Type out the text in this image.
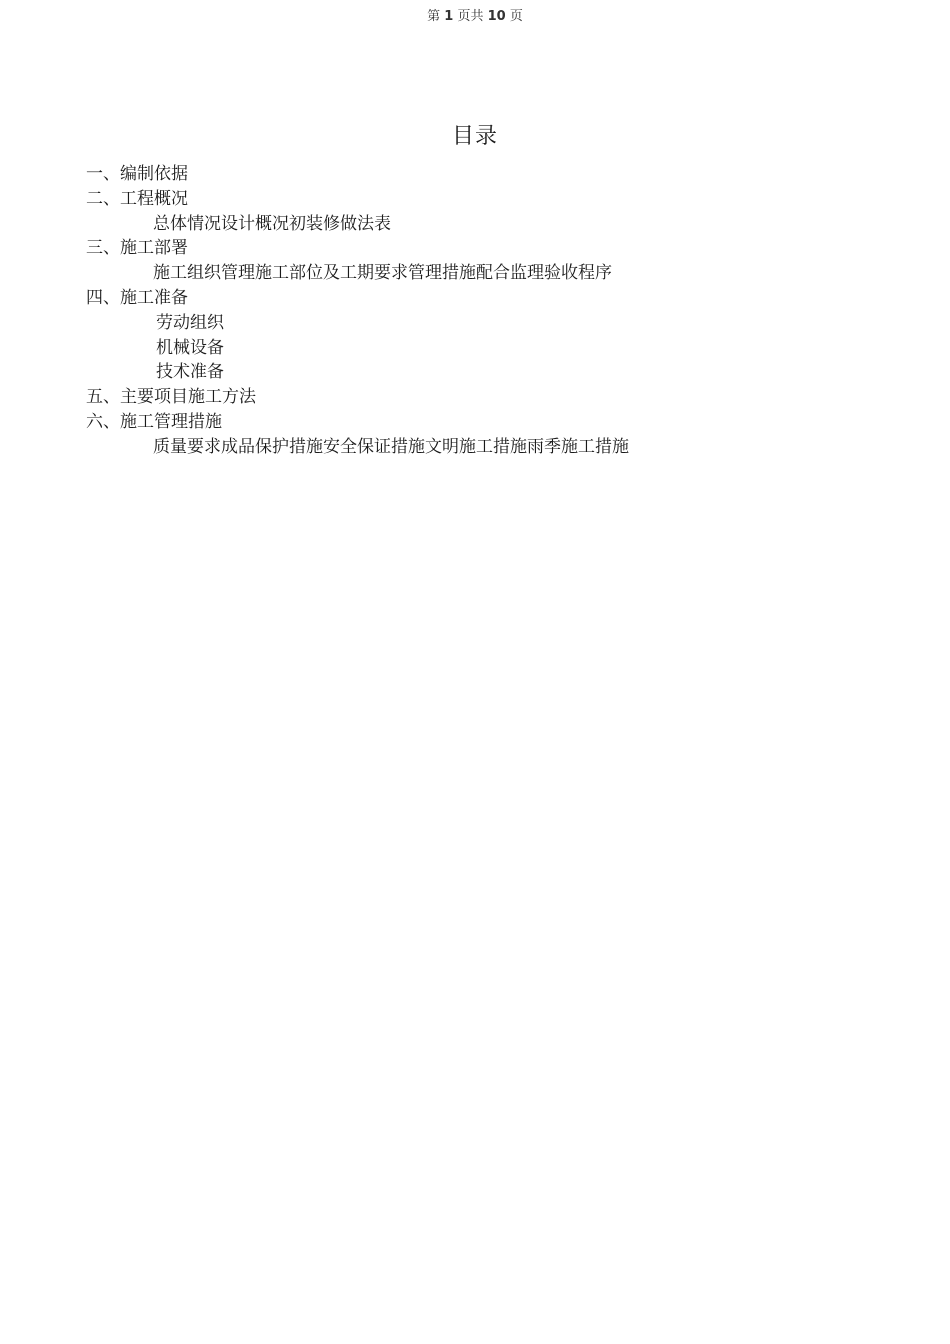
第 1 页共 10 页
目录
一、编制依据
二、工程概况
总体情况设计概况初装修做法表
三、施工部署
施工组织管理施工部位及工期要求管理措施配合监理验收程序
四、施工准备
劳动组织
机械设备
技术准备
五、主要项目施工方法
六、施工管理措施
质量要求成品保护措施安全保证措施文明施工措施雨季施工措施
